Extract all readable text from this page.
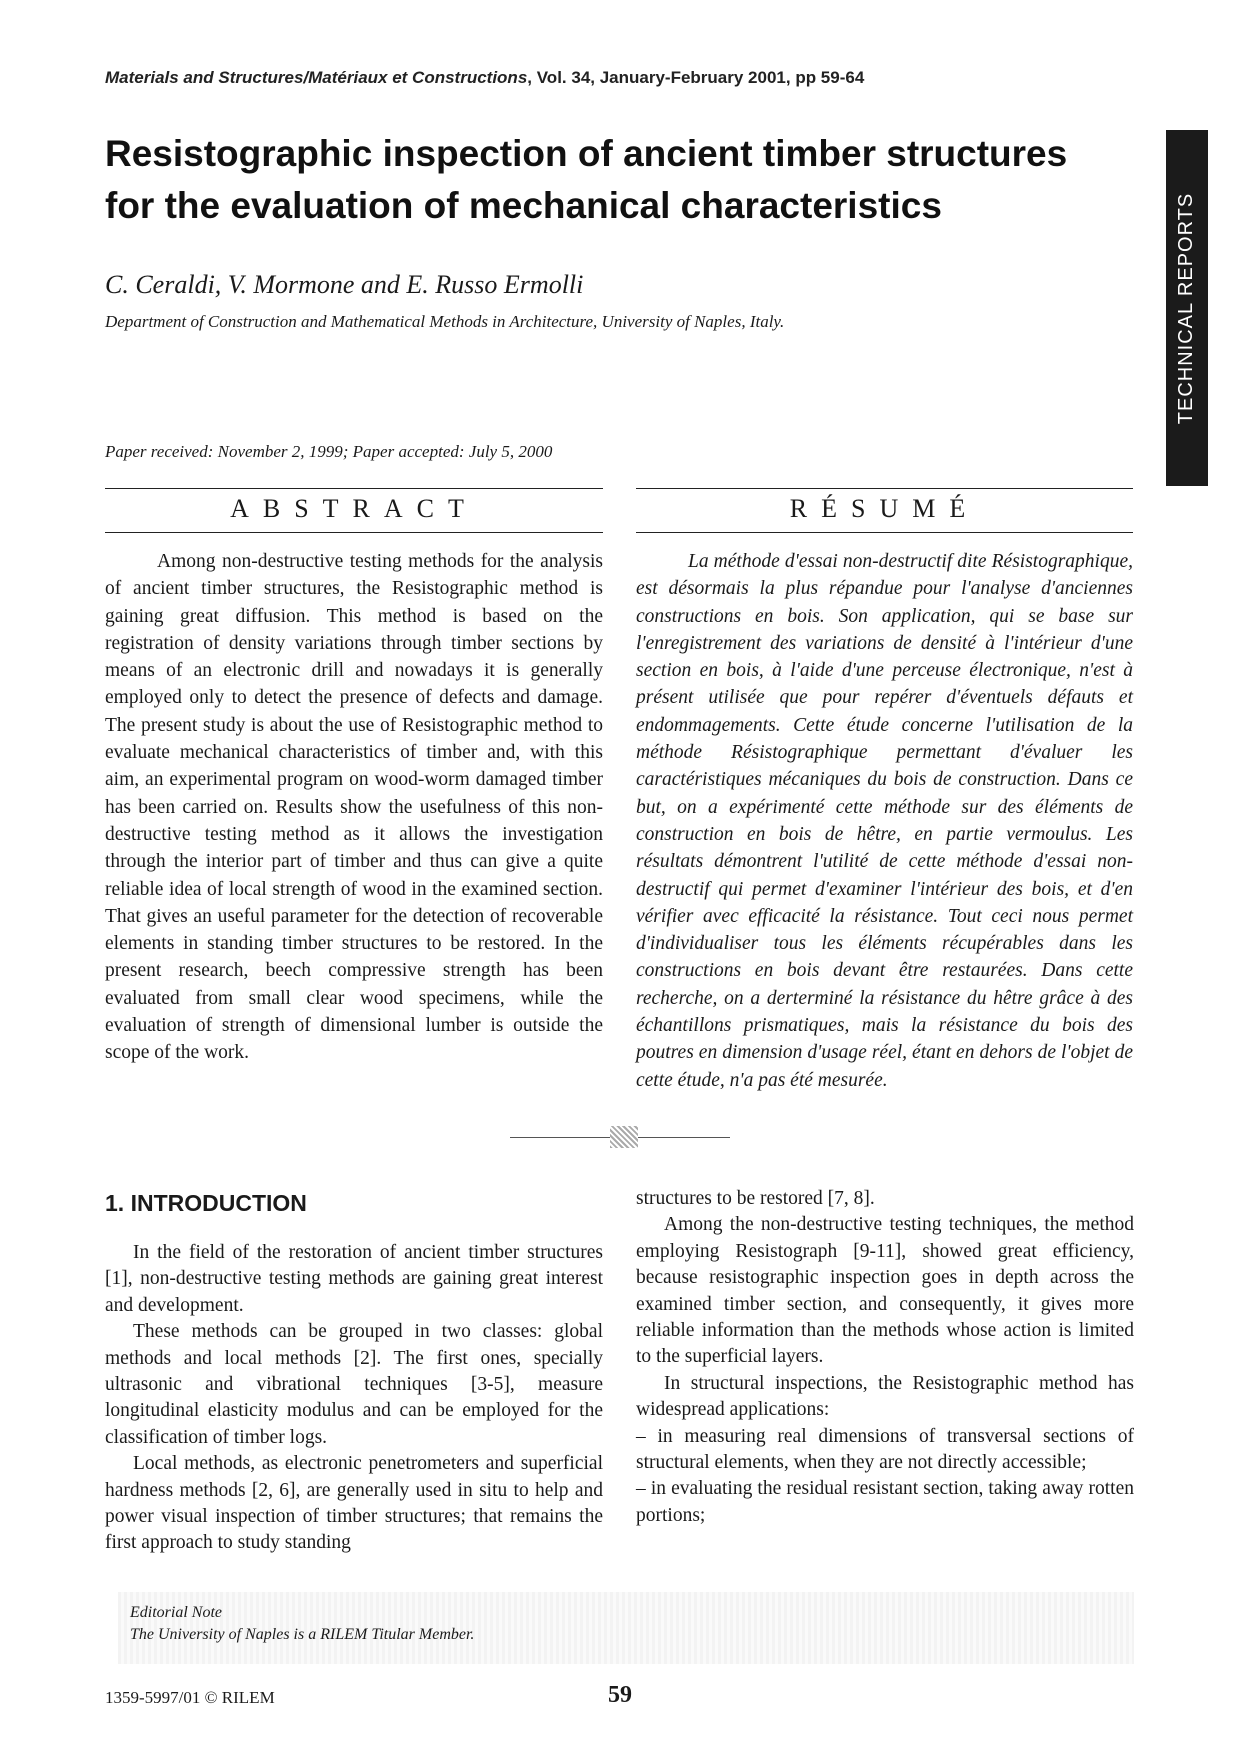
Materials and Structures/Matériaux et Constructions, Vol. 34, January-February 2001, pp 59-64
Resistographic inspection of ancient timber structures for the evaluation of mechanical characteristics
C. Ceraldi, V. Mormone and E. Russo Ermolli
Department of Construction and Mathematical Methods in Architecture, University of Naples, Italy.
Paper received: November 2, 1999; Paper accepted: July 5, 2000
TECHNICAL REPORTS
ABSTRACT	RÉSUMÉ

Among non-destructive testing methods for the analysis of ancient timber structures, the Resistographic method is gaining great diffusion. This method is based on the registration of density variations through timber sections by means of an electronic drill and nowadays it is generally employed only to detect the presence of defects and damage. The present study is about the use of Resistographic method to evaluate mechanical characteristics of timber and, with this aim, an experimental program on wood-worm damaged timber has been carried on. Results show the usefulness of this non-destructive testing method as it allows the investigation through the interior part of timber and thus can give a quite reliable idea of local strength of wood in the examined section. That gives an useful parameter for the detection of recoverable elements in standing timber structures to be restored. In the present research, beech compressive strength has been evaluated from small clear wood specimens, while the evaluation of strength of dimensional lumber is outside the scope of the work.

La méthode d'essai non-destructif dite Résistographique, est désormais la plus répandue pour l'analyse d'anciennes constructions en bois. Son application, qui se base sur l'enregistrement des variations de densité à l'intérieur d'une section en bois, à l'aide d'une perceuse électronique, n'est à présent utilisée que pour repérer d'éventuels défauts et endommagements. Cette étude concerne l'utilisation de la méthode Résistographique permettant d'évaluer les caractéristiques mécaniques du bois de construction. Dans ce but, on a expérimenté cette méthode sur des éléments de construction en bois de hêtre, en partie vermoulus. Les résultats démontrent l'utilité de cette méthode d'essai non-destructif qui permet d'examiner l'intérieur des bois, et d'en vérifier avec efficacité la résistance. Tout ceci nous permet d'individualiser tous les éléments récupérables dans les constructions en bois devant être restaurées. Dans cette recherche, on a derterminé la résistance du hêtre grâce à des échantillons prismatiques, mais la résistance du bois des poutres en dimension d'usage réel, étant en dehors de l'objet de cette étude, n'a pas été mesurée.

1. INTRODUCTION

In the field of the restoration of ancient timber structures [1], non-destructive testing methods are gaining great interest and development.

These methods can be grouped in two classes: global methods and local methods [2]. The first ones, specially ultrasonic and vibrational techniques [3-5], measure longitudinal elasticity modulus and can be employed for the classification of timber logs.

Local methods, as electronic penetrometers and superficial hardness methods [2, 6], are generally used in situ to help and power visual inspection of timber structures; that remains the first approach to study standing

structures to be restored [7, 8].

Among the non-destructive testing techniques, the method employing Resistograph [9-11], showed great efficiency, because resistographic inspection goes in depth across the examined timber section, and consequently, it gives more reliable information than the methods whose action is limited to the superficial layers.

In structural inspections, the Resistographic method has widespread applications:

– in measuring real dimensions of transversal sections of structural elements, when they are not directly accessible;

– in evaluating the residual resistant section, taking away rotten portions;

Editorial Note
The University of Naples is a RILEM Titular Member.
1359-5997/01 © RILEM	59
